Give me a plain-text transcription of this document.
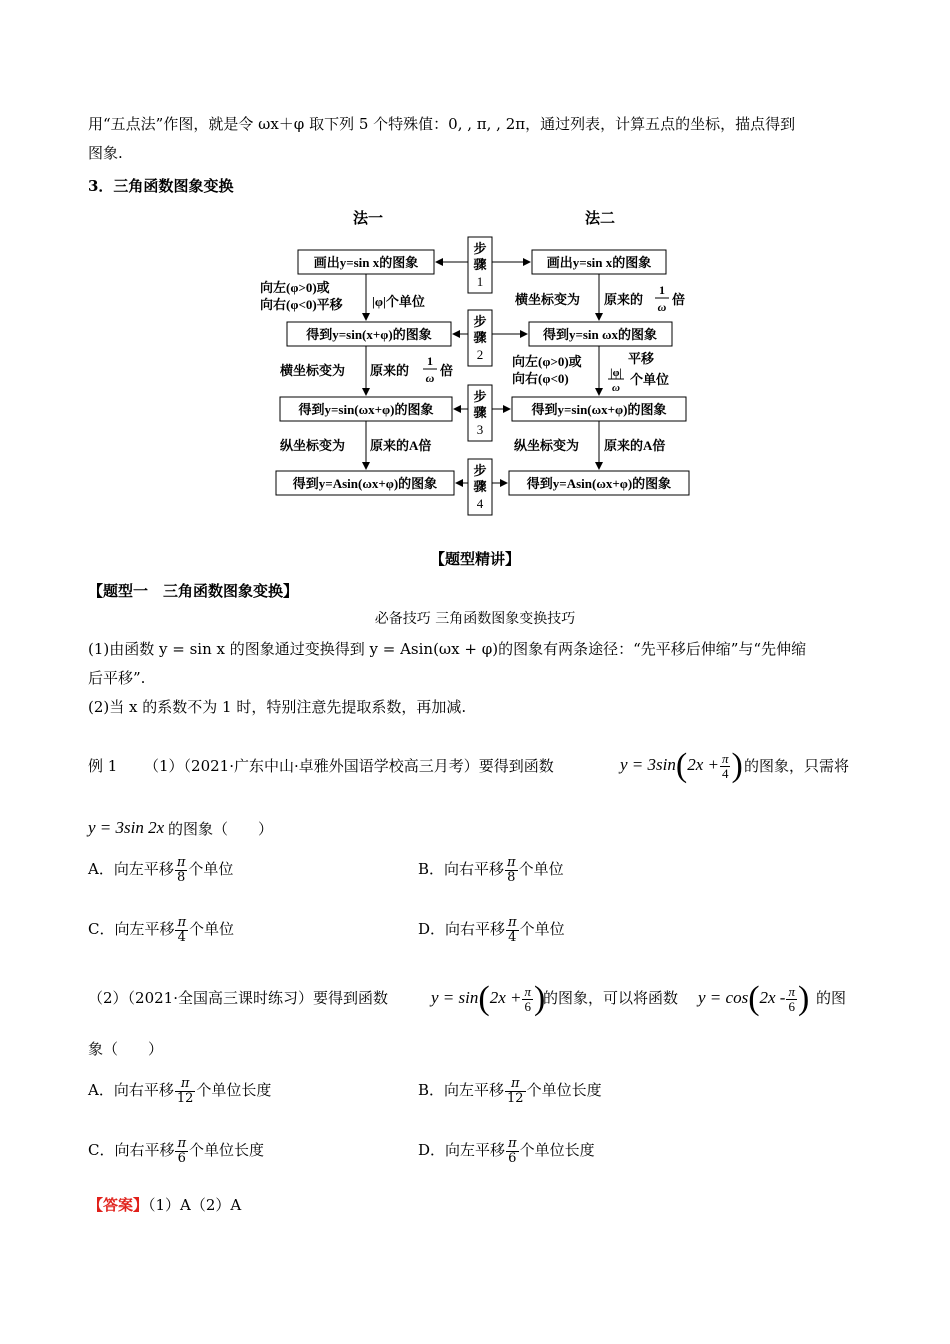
用“五点法”作图，就是令 ωx＋φ 取下列 5 个特殊值：0, , π, , 2π，通过列表，计算五点的坐标，描点得到
图象.
3．三角函数图象变换
法一	法二
步
骤
1
步
骤
2
步
骤
3
步
骤
4
画出y=sin x的图象
得到y=sin(x+φ)的图象
得到y=sin(ωx+φ)的图象
得到y=Asin(ωx+φ)的图象
画出y=sin x的图象
得到y=sin ωx的图象
得到y=sin(ωx+φ)的图象
得到y=Asin(ωx+φ)的图象
向左(φ>0)或
向右(φ<0)平移 |φ|个单位
横坐标变为 原来的
1
ω 倍
纵坐标变为 原来的A倍
横坐标变为 原来的
1
ω 倍
向左(φ>0)或
向右(φ<0)
平移
|φ|
ω
个单位
纵坐标变为 原来的A倍
【题型精讲】
【题型一　三角函数图象变换】
必备技巧 三角函数图象变换技巧
(1)由函数 y = sin x 的图象通过变换得到 y = Asin(ωx + φ)的图象有两条途径：“先平移后伸缩”与“先伸缩
后平移”.
(2)当 x 的系数不为 1 时，特别注意先提取系数，再加减.
例 1 （1）（2021·广东中山·卓雅外国语学校高三月考）要得到函数	$y = 3\sin(2x + \frac{\pi}{4}$ ) 的图象，只需将
y = 3sin 2x 的图象（　　）
A．向左平移 $\frac{\pi}{8}$ 个单位	B．向右平移 $\frac{\pi}{8}$ 个单位
C．向左平移 $\frac{\pi}{4}$ 个单位	D．向右平移 $\frac{\pi}{4}$ 个单位
（2）（2021·全国高三课时练习）要得到函数	$y = \sin(2x + \frac{\pi}{6}$ )
的图象，可以将函数 $y = \cos(2x - \frac{\pi}{6}$ ) 的图
象（　　）
A．向右平移 $\frac{\pi}{12}$ 个单位长度	B．向左平移 $\frac{\pi}{12}$ 个单位长度
C．向右平移 $\frac{\pi}{6}$ 个单位长度	D．向左平移 $\frac{\pi}{6}$ 个单位长度
【答案】（1）A（2）A
